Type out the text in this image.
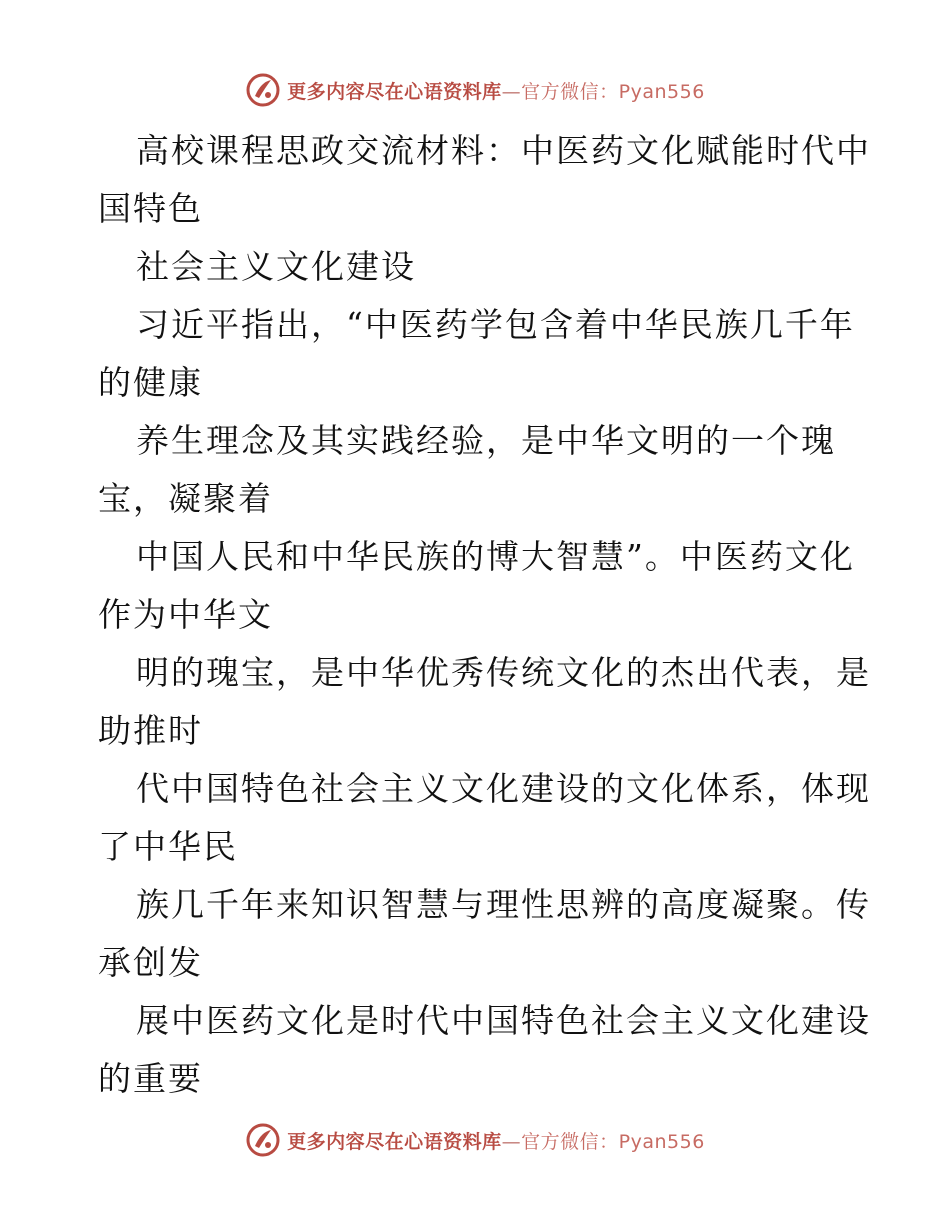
更多内容尽在心语资料库—官方微信：Pyan556
高校课程思政交流材料：中医药文化赋能时代中
国特色
社会主义文化建设
习近平指出，“中医药学包含着中华民族几千年
的健康
养生理念及其实践经验，是中华文明的一个瑰
宝，凝聚着
中国人民和中华民族的博大智慧”。中医药文化
作为中华文
明的瑰宝，是中华优秀传统文化的杰出代表，是
助推时
代中国特色社会主义文化建设的文化体系，体现
了中华民
族几千年来知识智慧与理性思辨的高度凝聚。传
承创发
展中医药文化是时代中国特色社会主义文化建设
的重要
更多内容尽在心语资料库—官方微信：Pyan556
